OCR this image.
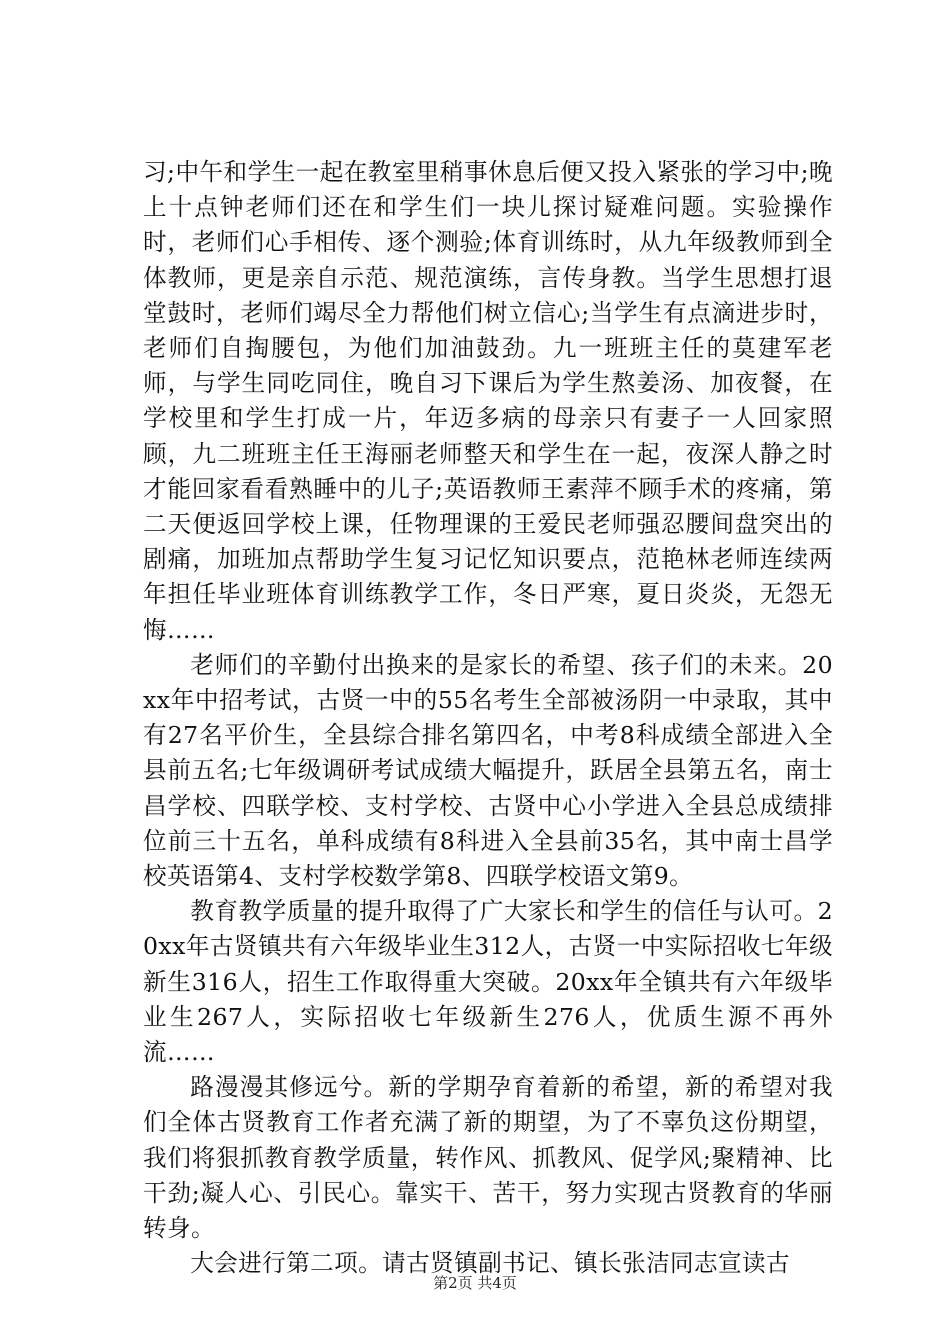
习;中午和学生一起在教室里稍事休息后便又投入紧张的学习中;晚上十点钟老师们还在和学生们一块儿探讨疑难问题。实验操作时，老师们心手相传、逐个测验;体育训练时，从九年级教师到全体教师，更是亲自示范、规范演练，言传身教。当学生思想打退堂鼓时，老师们竭尽全力帮他们树立信心;当学生有点滴进步时，老师们自掏腰包，为他们加油鼓劲。九一班班主任的莫建军老师，与学生同吃同住，晚自习下课后为学生熬姜汤、加夜餐，在学校里和学生打成一片，年迈多病的母亲只有妻子一人回家照顾，九二班班主任王海丽老师整天和学生在一起，夜深人静之时才能回家看看熟睡中的儿子;英语教师王素萍不顾手术的疼痛，第二天便返回学校上课，任物理课的王爱民老师强忍腰间盘突出的剧痛，加班加点帮助学生复习记忆知识要点，范艳林老师连续两年担任毕业班体育训练教学工作，冬日严寒，夏日炎炎，无怨无悔……

老师们的辛勤付出换来的是家长的希望、孩子们的未来。20xx年中招考试，古贤一中的55名考生全部被汤阴一中录取，其中有27名平价生，全县综合排名第四名，中考8科成绩全部进入全县前五名;七年级调研考试成绩大幅提升，跃居全县第五名，南士昌学校、四联学校、支村学校、古贤中心小学进入全县总成绩排位前三十五名，单科成绩有8科进入全县前35名，其中南士昌学校英语第4、支村学校数学第8、四联学校语文第9。

教育教学质量的提升取得了广大家长和学生的信任与认可。20xx年古贤镇共有六年级毕业生312人，古贤一中实际招收七年级新生316人，招生工作取得重大突破。20xx年全镇共有六年级毕业生267人，实际招收七年级新生276人，优质生源不再外流……

路漫漫其修远兮。新的学期孕育着新的希望，新的希望对我们全体古贤教育工作者充满了新的期望，为了不辜负这份期望，我们将狠抓教育教学质量，转作风、抓教风、促学风;聚精神、比干劲;凝人心、引民心。靠实干、苦干，努力实现古贤教育的华丽转身。

大会进行第二项。请古贤镇副书记、镇长张洁同志宣读古

第2页 共4页
